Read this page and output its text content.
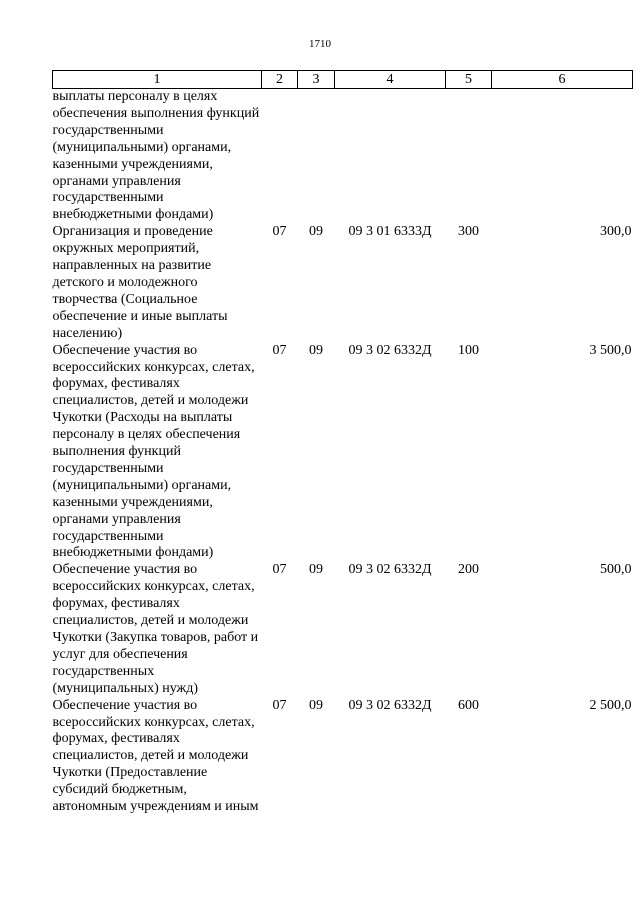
1710
1	2	3	4	5	6
выплаты персоналу в целях обеспечения выполнения функций государственными (муниципальными) органами, казенными учреждениями, органами управления государственными внебюджетными фондами)					
Организация и проведение окружных мероприятий, направленных на развитие детского и молодежного творчества (Социальное обеспечение и иные выплаты населению)	07	09	09 3 01 6333Д	300	300,0
Обеспечение участия во всероссийских конкурсах, слетах, форумах, фестивалях специалистов, детей и молодежи Чукотки (Расходы на выплаты персоналу в целях обеспечения выполнения функций государственными (муниципальными) органами, казенными учреждениями, органами управления государственными внебюджетными фондами)	07	09	09 3 02 6332Д	100	3 500,0
Обеспечение участия во всероссийских конкурсах, слетах, форумах, фестивалях специалистов, детей и молодежи Чукотки (Закупка товаров, работ и услуг для обеспечения государственных (муниципальных) нужд)	07	09	09 3 02 6332Д	200	500,0
Обеспечение участия во всероссийских конкурсах, слетах, форумах, фестивалях специалистов, детей и молодежи Чукотки (Предоставление субсидий бюджетным, автономным учреждениям и иным	07	09	09 3 02 6332Д	600	2 500,0
